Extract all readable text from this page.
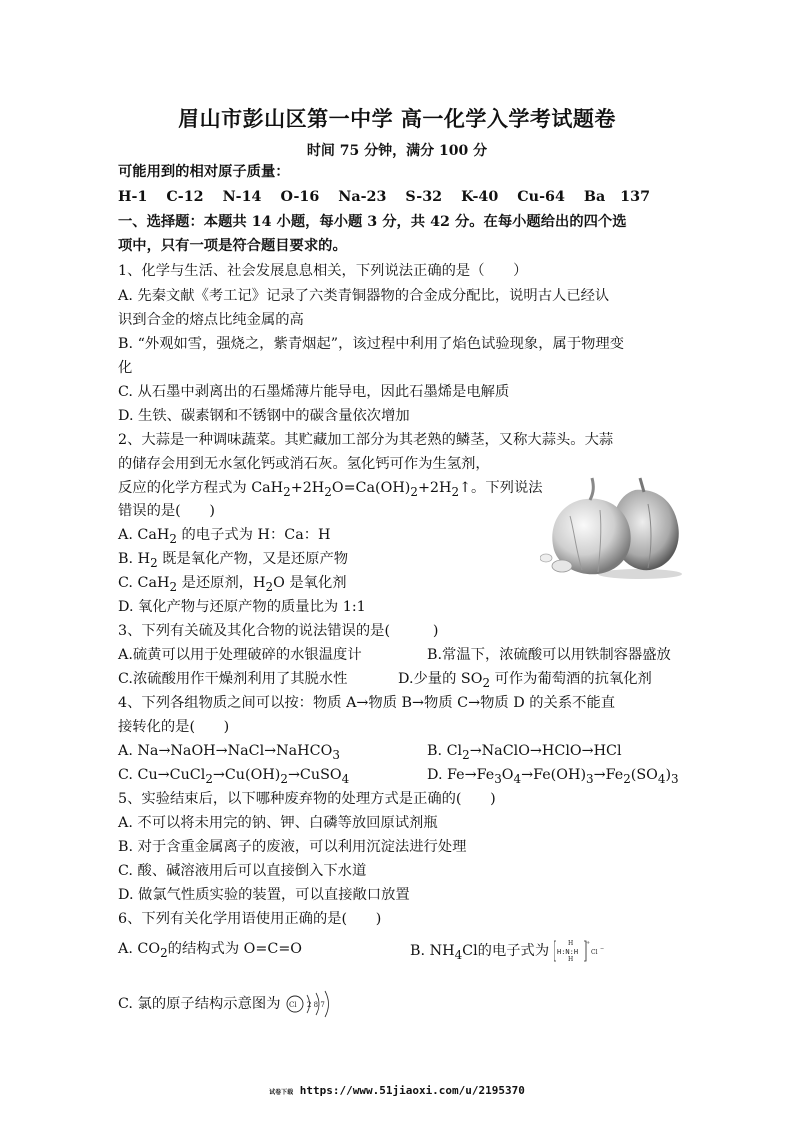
眉山市彭山区第一中学 高一化学入学考试题卷
时间 75 分钟，满分 100 分
可能用到的相对原子质量：
H-1 C-12 N-14 O-16 Na-23 S-32 K-40 Cu-64 Ba   137
一、选择题：本题共 14 小题，每小题 3 分，共 42 分。在每小题给出的四个选
项中，只有一项是符合题目要求的。
1、化学与生活、社会发展息息相关，下列说法正确的是（　　）
A. 先秦文献《考工记》记录了六类青铜器物的合金成分配比，说明古人已经认
识到合金的熔点比纯金属的高
B. “外观如雪，强烧之，紫青烟起”，该过程中利用了焰色试验现象，属于物理变
化
C. 从石墨中剥离出的石墨烯薄片能导电，因此石墨烯是电解质
D. 生铁、碳素钢和不锈钢中的碳含量依次增加
2、大蒜是一种调味蔬菜。其贮藏加工部分为其老熟的鳞茎，又称大蒜头。大蒜
的储存会用到无水氢化钙或消石灰。氢化钙可作为生氢剂，
反应的化学方程式为 $CaH_2+2H_2O=Ca(OH)_2+2H_2↑$。下列说法
错误的是(　　)
A. CaH$_2$ 的电子式为 H：Ca：H
B. $H_2$ 既是氧化产物，又是还原产物
C. CaH$_2$ 是还原剂，$H_2O$ 是氧化剂
D. 氧化产物与还原产物的质量比为 1:1
3、下列有关硫及其化合物的说法错误的是(　　　)
A.硫黄可以用于处理破碎的水银温度计	B.常温下，浓硫酸可以用铁制容器盛放
C.浓硫酸用作干燥剂利用了其脱水性	D.少量的 $SO_2$ 可作为葡萄酒的抗氧化剂
4、下列各组物质之间可以按：物质 A→物质 B→物质 C→物质 D 的关系不能直
接转化的是(　　)
A. Na→NaOH→NaCl→NaHCO$_3$	B. $Cl_2\to NaClO\to HClO\to HCl$
C. $Cu\to CuCl_2\to Cu(OH)_2\to CuSO_4$	D. $Fe\to Fe_3O_4\to Fe(OH)_3\to Fe_2(SO_4)_3$
5、实验结束后，以下哪种废弃物的处理方式是正确的(　　)
A. 不可以将未用完的钠、钾、白磷等放回原试剂瓶
B. 对于含重金属离子的废液，可以利用沉淀法进行处理
C. 酸、碱溶液用后可以直接倒入下水道
D. 做氯气性质实验的装置，可以直接敞口放置
6、下列有关化学用语使用正确的是(　　)
A. $CO_2$的结构式为 O=C=O	B. $NH_4Cl$的电子式为 H:N:H
H
H
+
Cl −
C. 氯的原子结构示意图为 Cl 2 8 7
试卷下载 https://www.51jiaoxi.com/u/2195370
